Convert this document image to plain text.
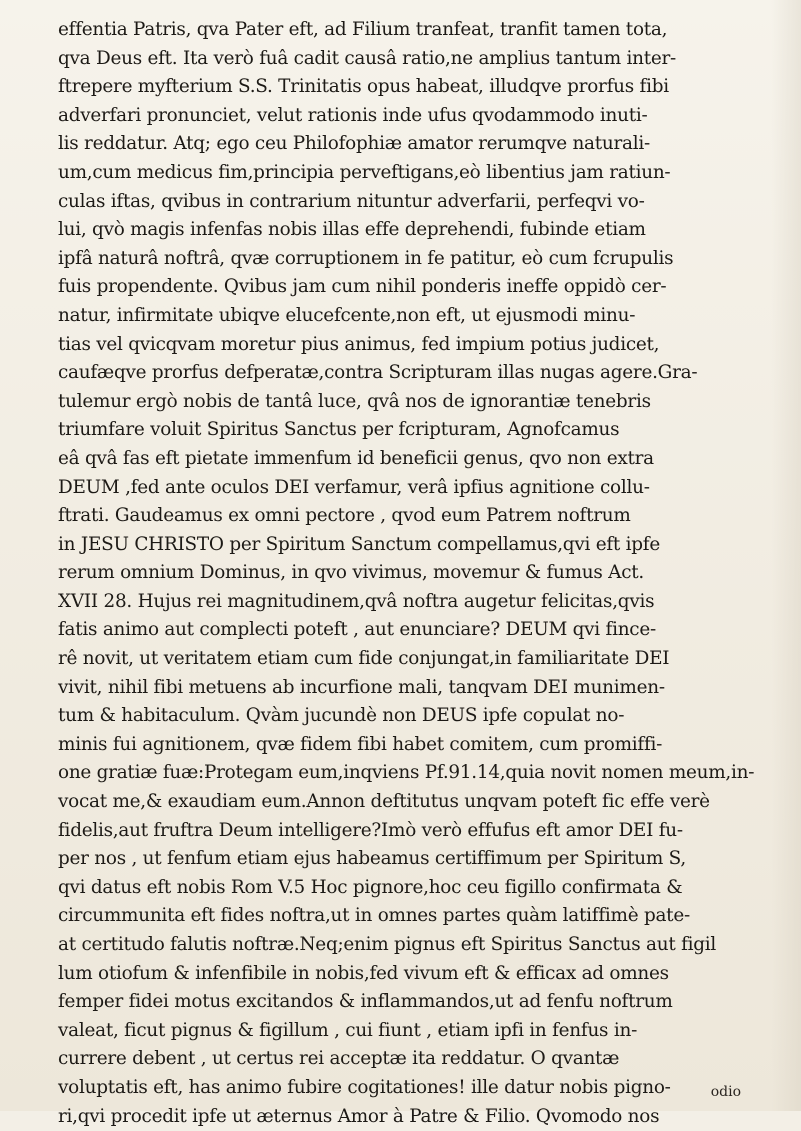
effentia Patris, qva Pater eft, ad Filium tranfeat, tranfit tamen tota,
qva Deus eft. Ita verò fuâ cadit causâ ratio,ne amplius tantum inter-
ftrepere myfterium S.S. Trinitatis opus habeat, illudqve prorfus fibi
adverfari pronunciet, velut rationis inde ufus qvodammodo inuti-
lis reddatur. Atq; ego ceu Philofophiæ amator rerumqve naturali-
um,cum medicus fim,principia perveftigans,eò libentius jam ratiun-
culas iftas, qvibus in contrarium nituntur adverfarii, perfeqvi vo-
lui, qvò magis infenfas nobis illas effe deprehendi, fubinde etiam
ipfâ naturâ noftrâ, qvæ corruptionem in fe patitur, eò cum fcrupulis
fuis propendente. Qvibus jam cum nihil ponderis ineffe oppidò cer-
natur, infirmitate ubiqve elucefcente,non eft, ut ejusmodi minu-
tias vel qvicqvam moretur pius animus, fed impium potius judicet,
caufæqve prorfus defperatæ,contra Scripturam illas nugas agere.Gra-
tulemur ergò nobis de tantâ luce, qvâ nos de ignorantiæ tenebris
triumfare voluit Spiritus Sanctus per fcripturam, Agnofcamus
eâ qvâ fas eft pietate immenfum id beneficii genus, qvo non extra
DEUM ,fed ante oculos DEI verfamur, verâ ipfius agnitione collu-
ftrati. Gaudeamus ex omni pectore , qvod eum Patrem noftrum
in JESU CHRISTO per Spiritum Sanctum compellamus,qvi eft ipfe
rerum omnium Dominus, in qvo vivimus, movemur & fumus Act.
XVII 28. Hujus rei magnitudinem,qvâ noftra augetur felicitas,qvis
fatis animo aut complecti poteft , aut enunciare? DEUM qvi fince-
rê novit, ut veritatem etiam cum fide conjungat,in familiaritate DEI
vivit, nihil fibi metuens ab incurfione mali, tanqvam DEI munimen-
tum & habitaculum. Qvàm jucundè non DEUS ipfe copulat no-
minis fui agnitionem, qvæ fidem fibi habet comitem, cum promiffi-
one gratiæ fuæ:Protegam eum,inqviens Pf.91.14,quia novit nomen meum,in-
vocat me,& exaudiam eum.Annon deftitutus unqvam poteft fic effe verè
fidelis,aut fruftra Deum intelligere?Imò verò effufus eft amor DEI fu-
per nos , ut fenfum etiam ejus habeamus certiffimum per Spiritum S,
qvi datus eft nobis Rom V.5 Hoc pignore,hoc ceu figillo confirmata &
circummunita eft fides noftra,ut in omnes partes quàm latiffimè pate-
at certitudo falutis noftræ.Neq;enim pignus eft Spiritus Sanctus aut figil
lum otiofum & infenfibile in nobis,fed vivum eft & efficax ad omnes
femper fidei motus excitandos & inflammandos,ut ad fenfu noftrum
valeat, ficut pignus & figillum , cui fiunt , etiam ipfi in fenfus in-
currere debent , ut certus rei acceptæ ita reddatur. O qvantæ
voluptatis eft, has animo fubire cogitationes! ille datur nobis pigno-
ri,qvi procedit ipfe ut æternus Amor à Patre & Filio. Qvomodo nos
odio
